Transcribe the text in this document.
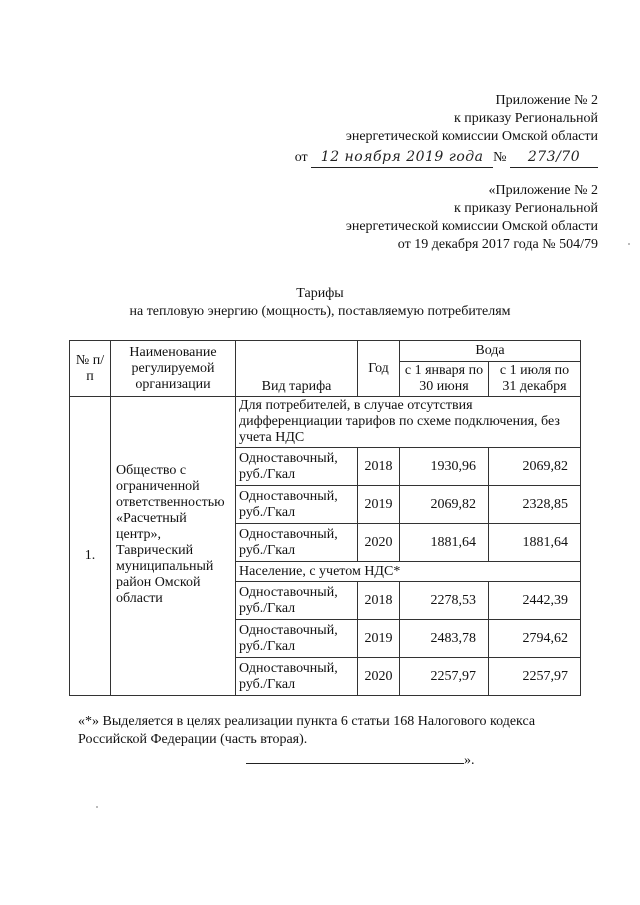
Приложение № 2
к приказу Региональной
энергетической комиссии Омской области
от 12 ноября 2019 года № 273/70
«Приложение № 2
к приказу Региональной
энергетической комиссии Омской области
от 19 декабря 2017 года № 504/79
Тарифы
на тепловую энергию (мощность), поставляемую потребителям
№ п/п	Наименование регулируемой организации	Вид тарифа	Год	Вода	
				с 1 января по 30 июня	с 1 июля по 31 декабря
1.	Общество с ограниченной ответственностью «Расчетный центр», Таврический муниципальный район Омской области	Для потребителей, в случае отсутствия дифференциации тарифов по схеме подключения, без учета НДС			
		Одноставочный, руб./Гкал	2018	1930,96	2069,82
		Одноставочный, руб./Гкал	2019	2069,82	2328,85
		Одноставочный, руб./Гкал	2020	1881,64	1881,64
		Население, с учетом НДС*			
		Одноставочный, руб./Гкал	2018	2278,53	2442,39
		Одноставочный, руб./Гкал	2019	2483,78	2794,62
		Одноставочный, руб./Гкал	2020	2257,97	2257,97
«*» Выделяется в целях реализации пункта 6 статьи 168 Налогового кодекса Российской Федерации (часть вторая).
».
